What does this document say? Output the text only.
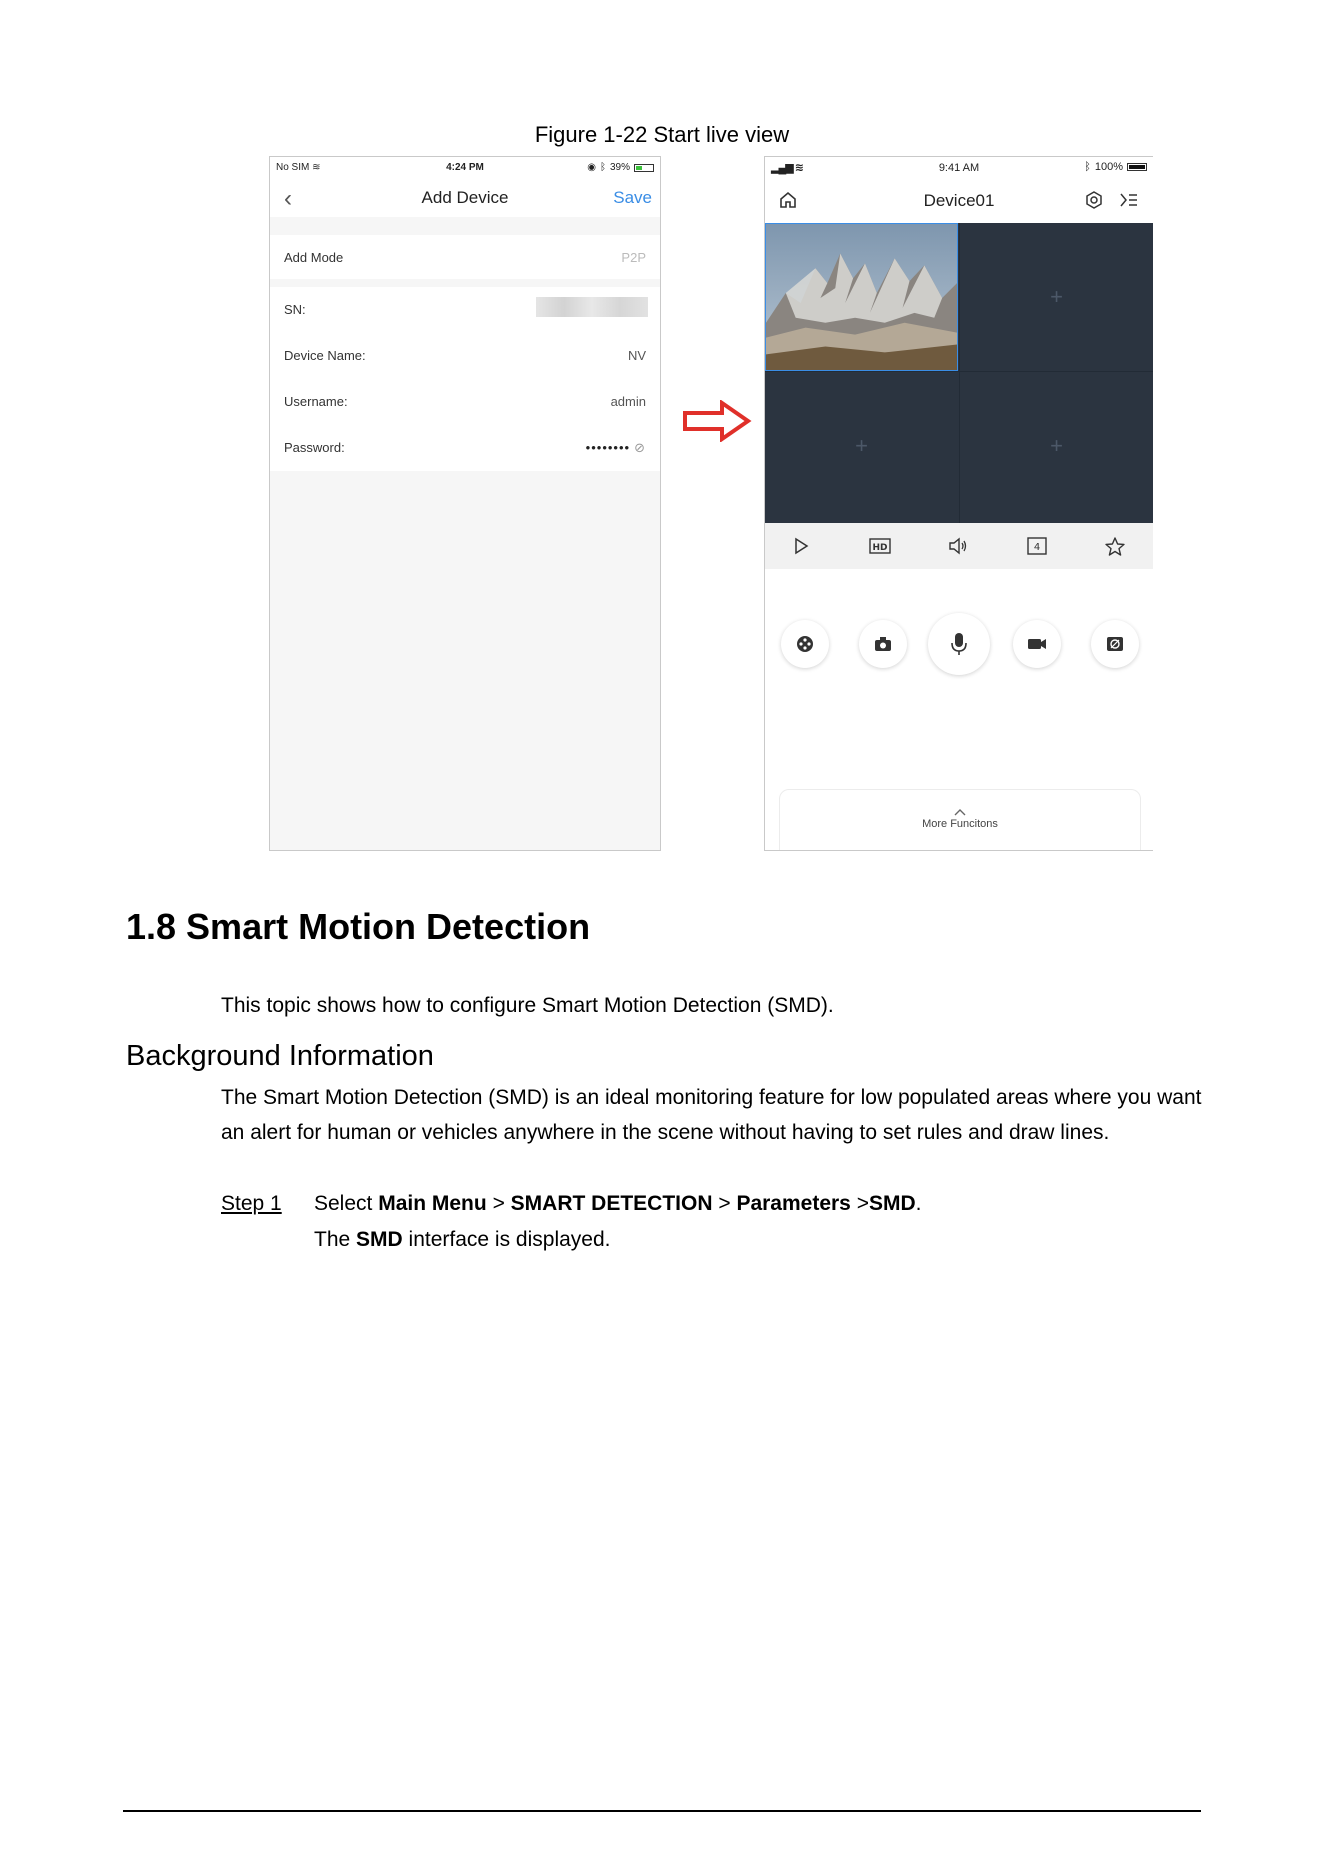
Figure 1-22 Start live view
No SIM ≋	4:24 PM	◉ ᛒ 39%
‹	Add Device	Save
Add Mode	P2P
SN:
Device Name:	NV
Username:	admin
Password:	•••••••• ⊘
▂▄▆ ≋	9:41 AM	ᛒ 100%
Device01
+
+	+
HD	4
More Funcitons
1.8 Smart Motion Detection
This topic shows how to configure Smart Motion Detection (SMD).
Background Information
The Smart Motion Detection (SMD) is an ideal monitoring feature for low populated areas where you want an alert for human or vehicles anywhere in the scene without having to set rules and draw lines.
Step 1 Select Main Menu > SMART DETECTION > Parameters >SMD.
The SMD interface is displayed.
